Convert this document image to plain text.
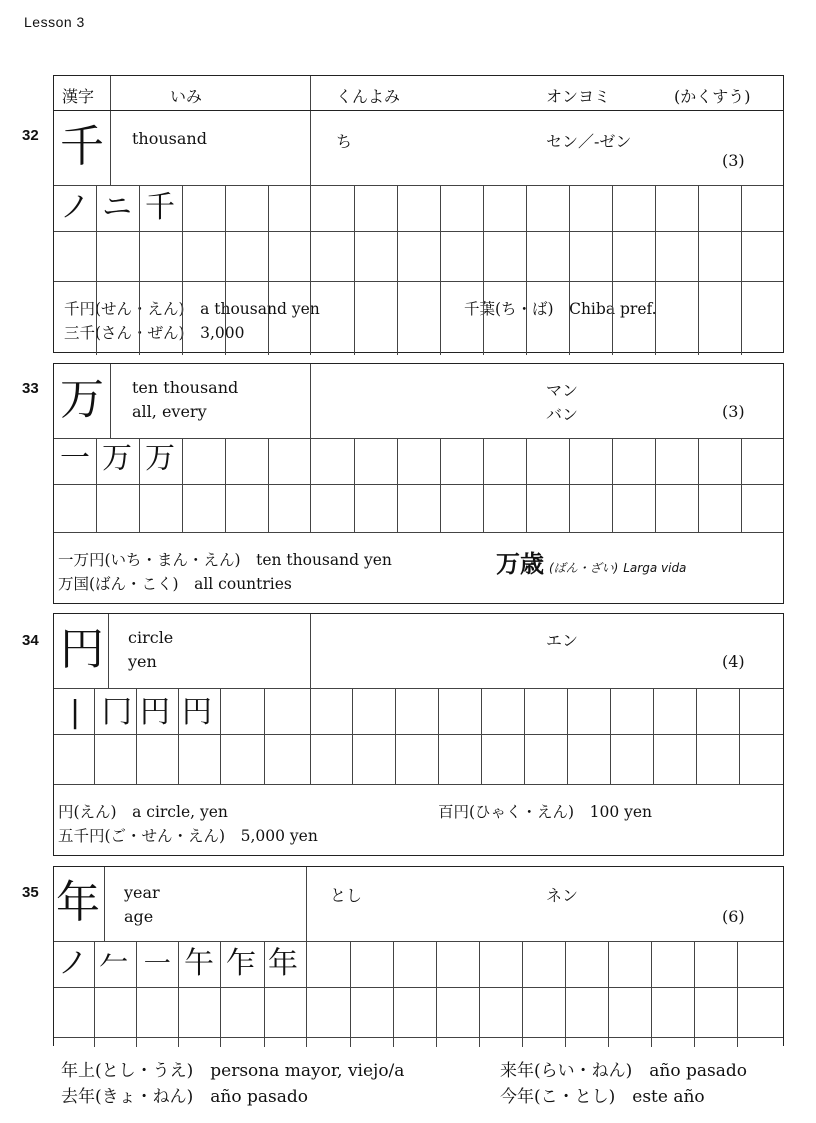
Lesson 3
漢字	いみ	くんよみ	オンヨミ	(かくすう)
32 千 thousand	ち	セン／-ゼン
(3)
ノ ニ 千
千円(せん・えん)　a thousand yen	千葉(ち・ば)　Chiba pref.
三千(さん・ぜん)　3,000
33 万 ten thousand
all, every
マン
バン	(3)
一 万 万
一万円(いち・まん・えん)　ten thousand yen	万歳 (ばん・ざい) Larga vida
万国(ばん・こく)　all countries
34 円 circle
yen
エン
(4)
| 冂 円 円
円(えん)　a circle, yen	百円(ひゃく・えん)　100 yen
五千円(ご・せん・えん)　5,000 yen
35 年 year
age
とし	ネン
(6)
ノ 𠂉 ㇐ 午 乍 年
年上(とし・うえ)　persona mayor, viejo/a	来年(らい・ねん)　año pasado
去年(きょ・ねん)　año pasado	今年(こ・とし)　este año
